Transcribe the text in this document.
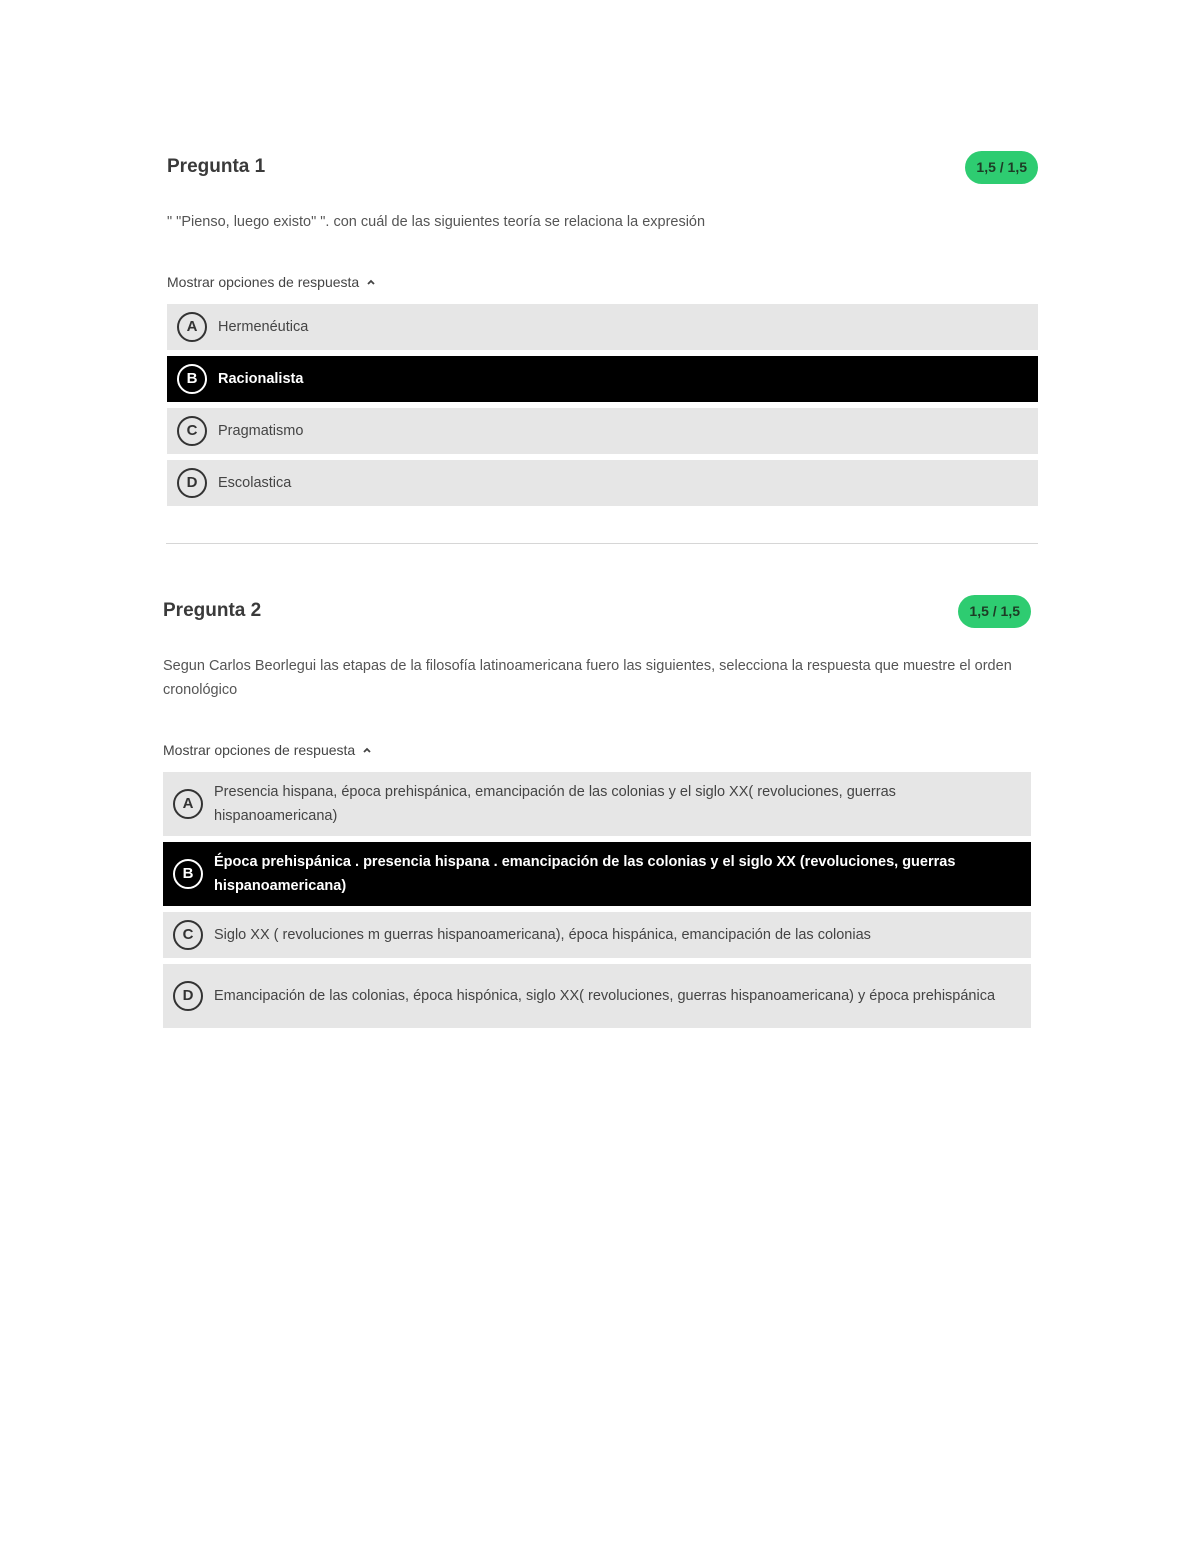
Pregunta 1	1,5 / 1,5

" "Pienso, luego existo" ". con cuál de las siguientes teoría se relaciona la expresión

Mostrar opciones de respuesta
A	Hermenéutica
B	Racionalista
C	Pragmatismo
D	Escolastica
Pregunta 2	1,5 / 1,5

Segun Carlos Beorlegui las etapas de la filosofía latinoamericana fuero las siguientes, selecciona la respuesta que muestre el orden cronológico

Mostrar opciones de respuesta
A
Presencia hispana, época prehispánica, emancipación de las colonias y el siglo XX( revoluciones, guerras hispanoamericana)
B
Época prehispánica . presencia hispana . emancipación de las colonias y el siglo XX (revoluciones, guerras hispanoamericana)
C	Siglo XX ( revoluciones m guerras hispanoamericana), época hispánica, emancipación de las colonias
D	Emancipación de las colonias, época hispónica, siglo XX( revoluciones, guerras hispanoamericana) y época prehispánica
